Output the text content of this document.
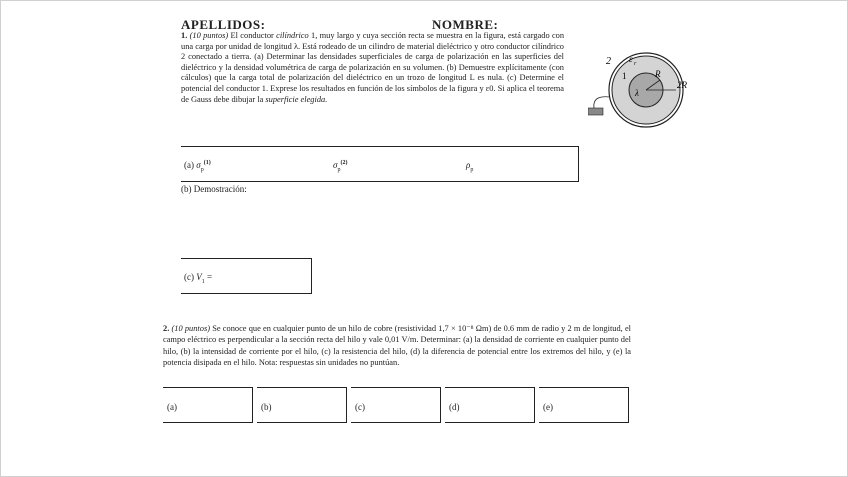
APELLIDOS:	NOMBRE:
1. (10 puntos) El conductor cilíndrico 1, muy largo y cuya sección recta se muestra en la figura, está cargado con una carga por unidad de longitud λ. Está rodeado de un cilindro de material dieléctrico y otro conductor cilíndrico 2 conectado a tierra. (a) Determinar las densidades superficiales de carga de polarización en las superficies del dieléctrico y la densidad volumétrica de carga de polarización en su volumen. (b) Demuestre explícitamente (con cálculos) que la carga total de polarización del dieléctrico en un trozo de longitud L es nula. (c) Determine el potencial del conductor 1. Exprese los resultados en función de los símbolos de la figura y ε0. Si aplica el teorema de Gauss debe dibujar la superficie elegida.
2
1
ε r
R
2R
λ
(a) $\sigma_p^{(1)}$	$\sigma_p^{(2)}$	$\rho_p$
(b) Demostración:
(c) $V_1$ =
2. (10 puntos) Se conoce que en cualquier punto de un hilo de cobre (resistividad 1,7 × 10⁻⁸ Ωm) de 0.6 mm de radio y 2 m de longitud, el campo eléctrico es perpendicular a la sección recta del hilo y vale 0,01 V/m. Determinar: (a) la densidad de corriente en cualquier punto del hilo, (b) la intensidad de corriente por el hilo, (c) la resistencia del hilo, (d) la diferencia de potencial entre los extremos del hilo, y (e) la potencia disipada en el hilo. Nota: respuestas sin unidades no puntúan.
(a)	(b)	(c)	(d)	(e)
